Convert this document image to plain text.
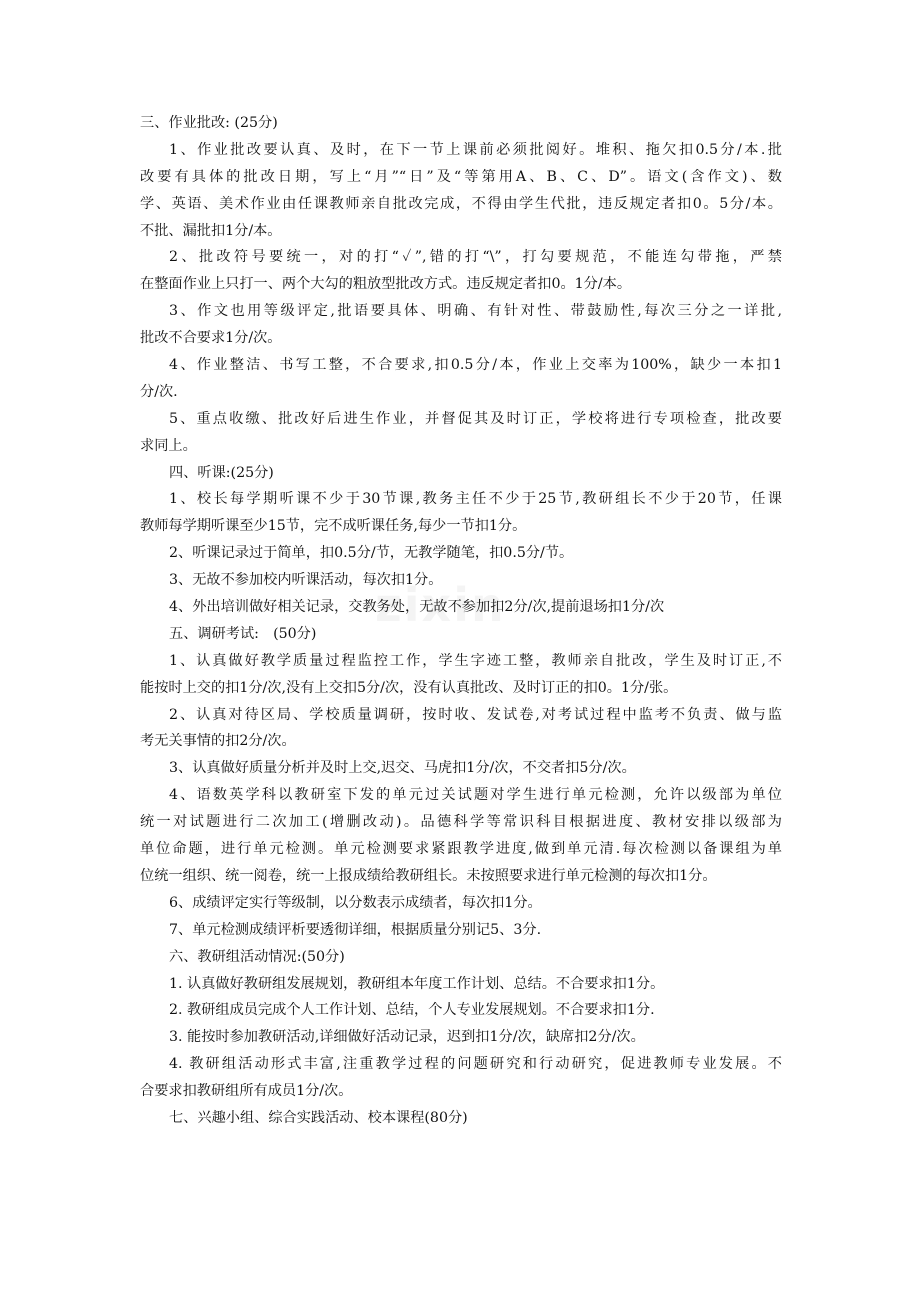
三、作业批改: (25分)
1、作业批改要认真、及时，在下一节上课前必须批阅好。堆积、拖欠扣0.5分/本.批
改要有具体的批改日期，写上“月”“日”及“等第用A、B、C、D”。语文(含作文)、数
学、英语、美术作业由任课教师亲自批改完成，不得由学生代批，违反规定者扣0。5分/本。
不批、漏批扣1分/本。
2、批改符号要统一，对的打“✓”,错的打“\”，打勾要规范，不能连勾带拖，严禁
在整面作业上只打一、两个大勾的粗放型批改方式。违反规定者扣0。1分/本。
3、作文也用等级评定,批语要具体、明确、有针对性、带鼓励性,每次三分之一详批,
批改不合要求1分/次。
4、作业整洁、书写工整，不合要求,扣0.5分/本，作业上交率为100%，缺少一本扣1
分/次.
5、重点收缴、批改好后进生作业，并督促其及时订正，学校将进行专项检查，批改要
求同上。
四、听课:(25分)
1、校长每学期听课不少于30节课,教务主任不少于25节,教研组长不少于20节，任课
教师每学期听课至少15节，完不成听课任务,每少一节扣1分。
2、听课记录过于简单，扣0.5分/节，无教学随笔，扣0.5分/节。
3、无故不参加校内听课活动，每次扣1分。
4、外出培训做好相关记录，交教务处，无故不参加扣2分/次,提前退场扣1分/次
五、调研考试:　(50分)
1、认真做好教学质量过程监控工作，学生字迹工整，教师亲自批改，学生及时订正,不
能按时上交的扣1分/次,没有上交扣5分/次，没有认真批改、及时订正的扣0。1分/张。
2、认真对待区局、学校质量调研，按时收、发试卷,对考试过程中监考不负责、做与监
考无关事情的扣2分/次。
3、认真做好质量分析并及时上交,迟交、马虎扣1分/次，不交者扣5分/次。
4、语数英学科以教研室下发的单元过关试题对学生进行单元检测，允许以级部为单位
统一对试题进行二次加工(增删改动)。品德科学等常识科目根据进度、教材安排以级部为
单位命题，进行单元检测。单元检测要求紧跟教学进度,做到单元清.每次检测以备课组为单
位统一组织、统一阅卷，统一上报成绩给教研组长。未按照要求进行单元检测的每次扣1分。
6、成绩评定实行等级制，以分数表示成绩者，每次扣1分。
7、单元检测成绩评析要透彻详细，根据质量分别记5、3分.
六、教研组活动情况:(50分)
1. 认真做好教研组发展规划，教研组本年度工作计划、总结。不合要求扣1分。
2. 教研组成员完成个人工作计划、总结，个人专业发展规划。不合要求扣1分.
3. 能按时参加教研活动,详细做好活动记录，迟到扣1分/次，缺席扣2分/次。
4. 教研组活动形式丰富,注重教学过程的问题研究和行动研究，促进教师专业发展。不
合要求扣教研组所有成员1分/次。
七、兴趣小组、综合实践活动、校本课程(80分)
